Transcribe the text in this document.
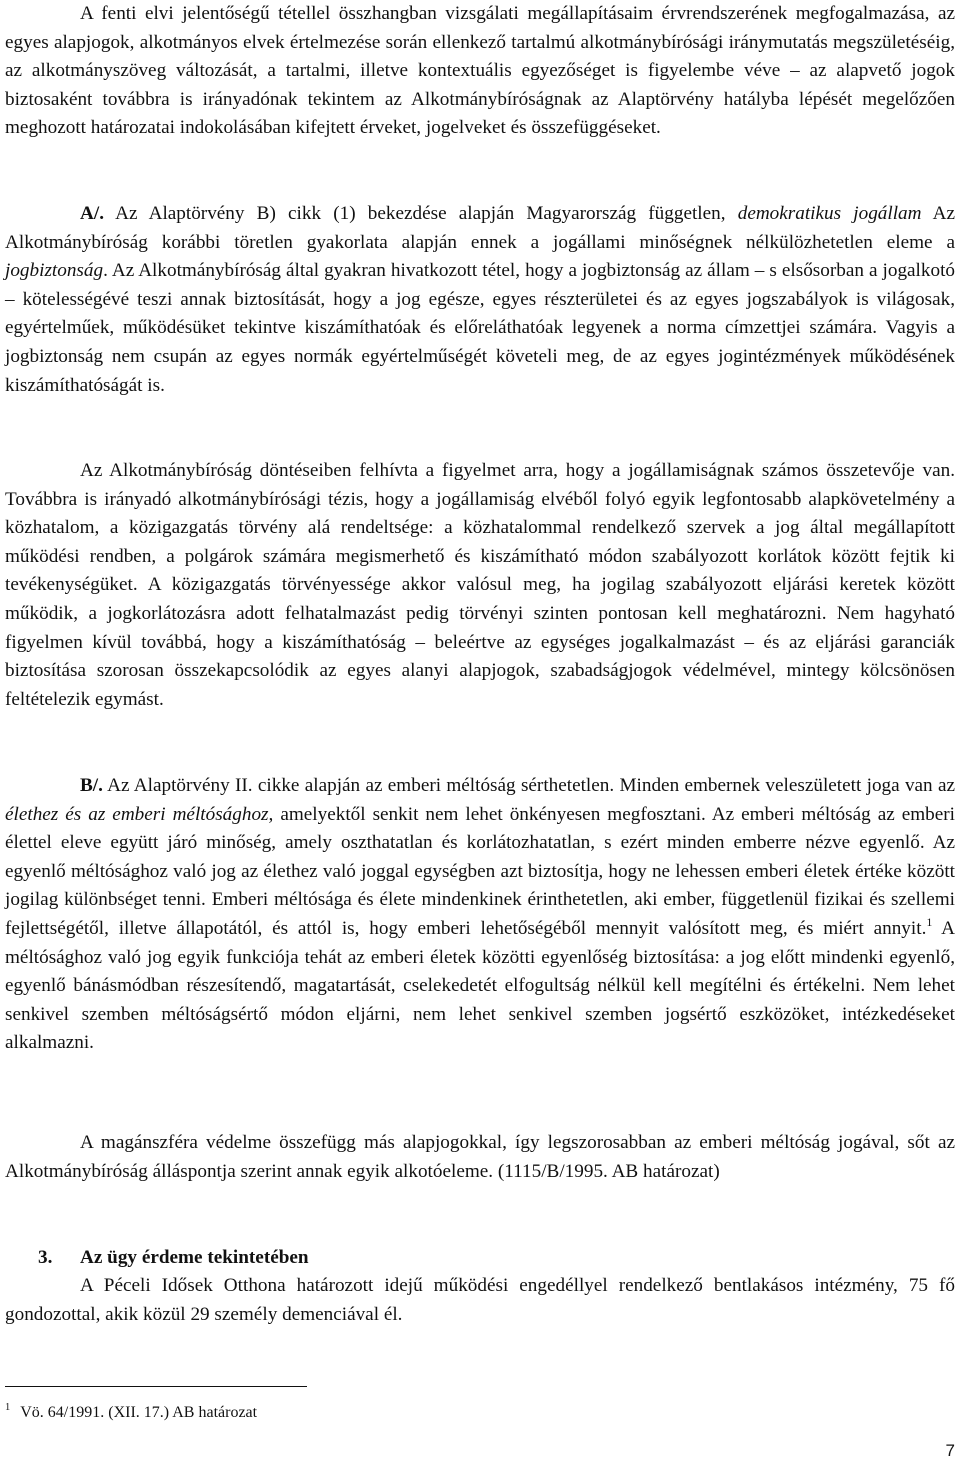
A fenti elvi jelentőségű tétellel összhangban vizsgálati megállapításaim érvrendszerének megfogalmazása, az egyes alapjogok, alkotmányos elvek értelmezése során ellenkező tartalmú alkotmánybírósági iránymutatás megszületéséig, az alkotmányszöveg változását, a tartalmi, illetve kontextuális egyezőséget is figyelembe véve – az alapvető jogok biztosaként továbbra is irányadónak tekintem az Alkotmánybíróságnak az Alaptörvény hatályba lépését megelőzően meghozott határozatai indokolásában kifejtett érveket, jogelveket és összefüggéseket.

A/. Az Alaptörvény B) cikk (1) bekezdése alapján Magyarország független, demokratikus jogállam Az Alkotmánybíróság korábbi töretlen gyakorlata alapján ennek a jogállami minőségnek nélkülözhetetlen eleme a jogbiztonság. Az Alkotmánybíróság által gyakran hivatkozott tétel, hogy a jogbiztonság az állam – s elsősorban a jogalkotó – kötelességévé teszi annak biztosítását, hogy a jog egésze, egyes részterületei és az egyes jogszabályok is világosak, egyértelműek, működésüket tekintve kiszámíthatóak és előreláthatóak legyenek a norma címzettjei számára. Vagyis a jogbiztonság nem csupán az egyes normák egyértelműségét követeli meg, de az egyes jogintézmények működésének kiszámíthatóságát is.

Az Alkotmánybíróság döntéseiben felhívta a figyelmet arra, hogy a jogállamiságnak számos összetevője van. Továbbra is irányadó alkotmánybírósági tézis, hogy a jogállamiság elvéből folyó egyik legfontosabb alapkövetelmény a közhatalom, a közigazgatás törvény alá rendeltsége: a közhatalommal rendelkező szervek a jog által megállapított működési rendben, a polgárok számára megismerhető és kiszámítható módon szabályozott korlátok között fejtik ki tevékenységüket. A közigazgatás törvényessége akkor valósul meg, ha jogilag szabályozott eljárási keretek között működik, a jogkorlátozásra adott felhatalmazást pedig törvényi szinten pontosan kell meghatározni. Nem hagyható figyelmen kívül továbbá, hogy a kiszámíthatóság – beleértve az egységes jogalkalmazást – és az eljárási garanciák biztosítása szorosan összekapcsolódik az egyes alanyi alapjogok, szabadságjogok védelmével, mintegy kölcsönösen feltételezik egymást.

B/. Az Alaptörvény II. cikke alapján az emberi méltóság sérthetetlen. Minden embernek veleszületett joga van az élethez és az emberi méltósághoz, amelyektől senkit nem lehet önkényesen megfosztani. Az emberi méltóság az emberi élettel eleve együtt járó minőség, amely oszthatatlan és korlátozhatatlan, s ezért minden emberre nézve egyenlő. Az egyenlő méltósághoz való jog az élethez való joggal egységben azt biztosítja, hogy ne lehessen emberi életek értéke között jogilag különbséget tenni. Emberi méltósága és élete mindenkinek érinthetetlen, aki ember, függetlenül fizikai és szellemi fejlettségétől, illetve állapotától, és attól is, hogy emberi lehetőségéből mennyit valósított meg, és miért annyit.$^1$ A méltósághoz való jog egyik funkciója tehát az emberi életek közötti egyenlőség biztosítása: a jog előtt mindenki egyenlő, egyenlő bánásmódban részesítendő, magatartását, cselekedetét elfogultság nélkül kell megítélni és értékelni. Nem lehet senkivel szemben méltóságsértő módon eljárni, nem lehet senkivel szemben jogsértő eszközöket, intézkedéseket alkalmazni.

A magánszféra védelme összefügg más alapjogokkal, így legszorosabban az emberi méltóság jogával, sőt az Alkotmánybíróság álláspontja szerint annak egyik alkotóeleme. (1115/B/1995. AB határozat)

3. Az ügy érdeme tekintetében

A Péceli Idősek Otthona határozott idejű működési engedéllyel rendelkező bentlakásos intézmény, 75 fő gondozottal, akik közül 29 személy demenciával él.

$^1$ Vö. 64/1991. (XII. 17.) AB határozat

7
